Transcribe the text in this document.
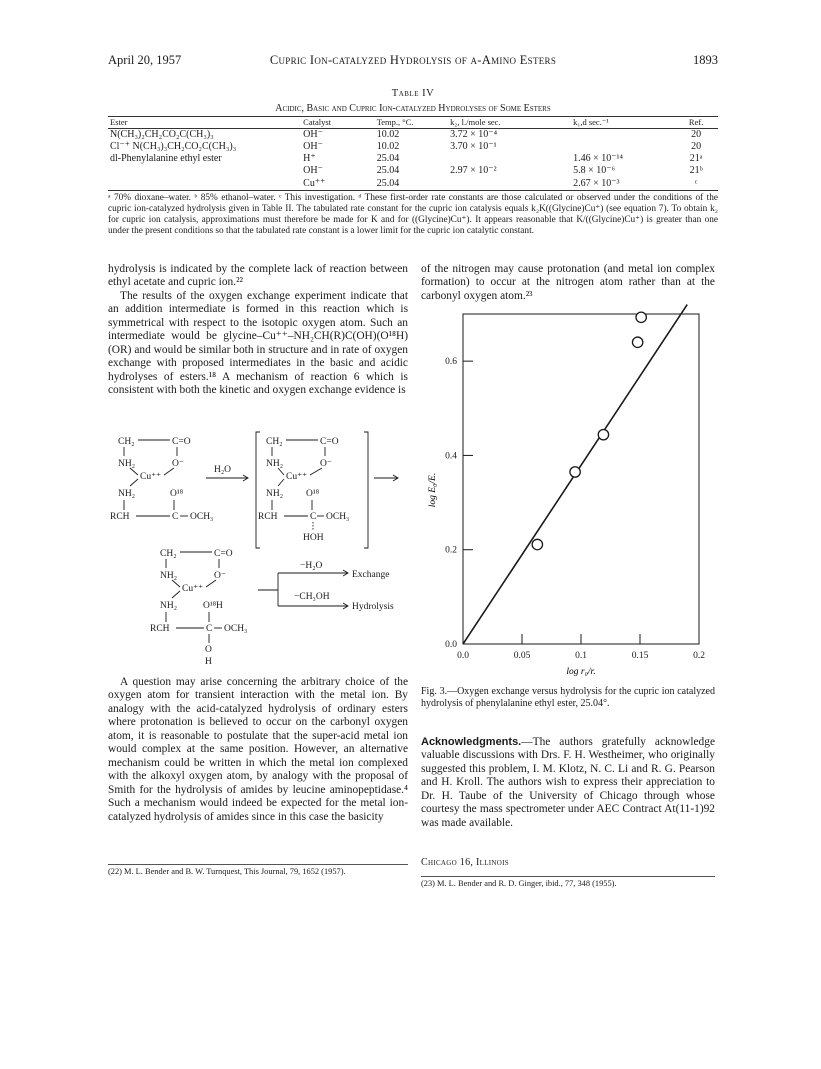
April 20, 1957	Cupric Ion-catalyzed Hydrolysis of α-Amino Esters	1893
Table IV
Acidic, Basic and Cupric Ion-catalyzed Hydrolyses of Some Esters
Ester	Catalyst	Temp., °C.	k₂, l./mole sec.	k₁,d sec.⁻¹	Ref.
N(CH₃)₂CH₂CO₂C(CH₃)₃	OH⁻	10.02	3.72 × 10⁻⁴		20
Cl⁻⁺ N(CH₃)₃CH₂CO₂C(CH₃)₃	OH⁻	10.02	3.70 × 10⁻¹		20
dl-Phenylalanine ethyl ester	H⁺	25.04		1.46 × 10⁻¹⁴	21ᵃ
	OH⁻	25.04	2.97 × 10⁻²	5.8 × 10⁻⁶	21ᵇ
	Cu⁺⁺	25.04		2.67 × 10⁻³	ᶜ
ᵃ 70% dioxane–water. ᵇ 85% ethanol–water. ᶜ This investigation. ᵈ These first-order rate constants are those calculated or observed under the conditions of the cupric ion-catalyzed hydrolysis given in Table II. The tabulated rate constant for the cupric ion catalysis equals k₂K((Glycine)Cu⁺) (see equation 7). To obtain k₂ for cupric ion catalysis, approximations must therefore be made for K and for ((Glycine)Cu⁺). It appears reasonable that K/((Glycine)Cu⁺) is greater than one under the present conditions so that the tabulated rate constant is a lower limit for the cupric ion catalytic constant.

hydrolysis is indicated by the complete lack of reaction between ethyl acetate and cupric ion.²²

The results of the oxygen exchange experiment indicate that an addition intermediate is formed in this reaction which is symmetrical with respect to the isotopic oxygen atom. Such an intermediate would be glycine–Cu⁺⁺–NH₂CH(R)C(OH)(O¹⁸H)(OR) and would be similar both in structure and in rate of oxygen exchange with proposed intermediates in the basic and acidic hydrolyses of esters.¹⁸ A mechanism of reaction 6 which is consistent with both the kinetic and oxygen exchange evidence is

of the nitrogen may cause protonation (and metal ion complex formation) to occur at the nitrogen atom rather than at the carbonyl oxygen atom.²³

CH₂	C=O
NH₂	O⁻
Cu⁺⁺
NH₂	O¹⁸
RCH	C OCH₃
H₂O
CH₂	C=O
NH₂	O⁻
Cu⁺⁺
NH₂ O¹⁸
RCH	C OCH₃
HOH
CH₂	C=O
NH₂	O⁻
Cu⁺⁺
NH₂	O¹⁸H
RCH	C OCH₃
O
H
−H₂O
Exchange
−CH₃OH
Hydrolysis

A question may arise concerning the arbitrary choice of the oxygen atom for transient interaction with the metal ion. By analogy with the acid-catalyzed hydrolysis of ordinary esters where protonation is believed to occur on the carbonyl oxygen atom, it is reasonable to postulate that the super-acid metal ion would complex at the same position. However, an alternative mechanism could be written in which the metal ion complexed with the alkoxyl oxygen atom, by analogy with the proposal of Smith for the hydrolysis of amides by leucine aminopeptidase.⁴ Such a mechanism would indeed be expected for the metal ion-catalyzed hydrolysis of amides since in this case the basicity

(22) M. L. Bender and B. W. Turnquest, This Journal, 79, 1652 (1957).
0.0	0.05	0.1	0.15	0.2
0.0
0.2
0.4
0.6
log r₀/r.
log E₀/E.
Fig. 3.—Oxygen exchange versus hydrolysis for the cupric ion catalyzed hydrolysis of phenylalanine ethyl ester, 25.04°.
Acknowledgments.—The authors gratefully acknowledge valuable discussions with Drs. F. H. Westheimer, who originally suggested this problem, I. M. Klotz, N. C. Li and R. G. Pearson and H. Kroll. The authors wish to express their appreciation to Dr. H. Taube of the University of Chicago through whose courtesy the mass spectrometer under AEC Contract At(11-1)92 was made available.
Chicago 16, Illinois
(23) M. L. Bender and R. D. Ginger, ibid., 77, 348 (1955).
